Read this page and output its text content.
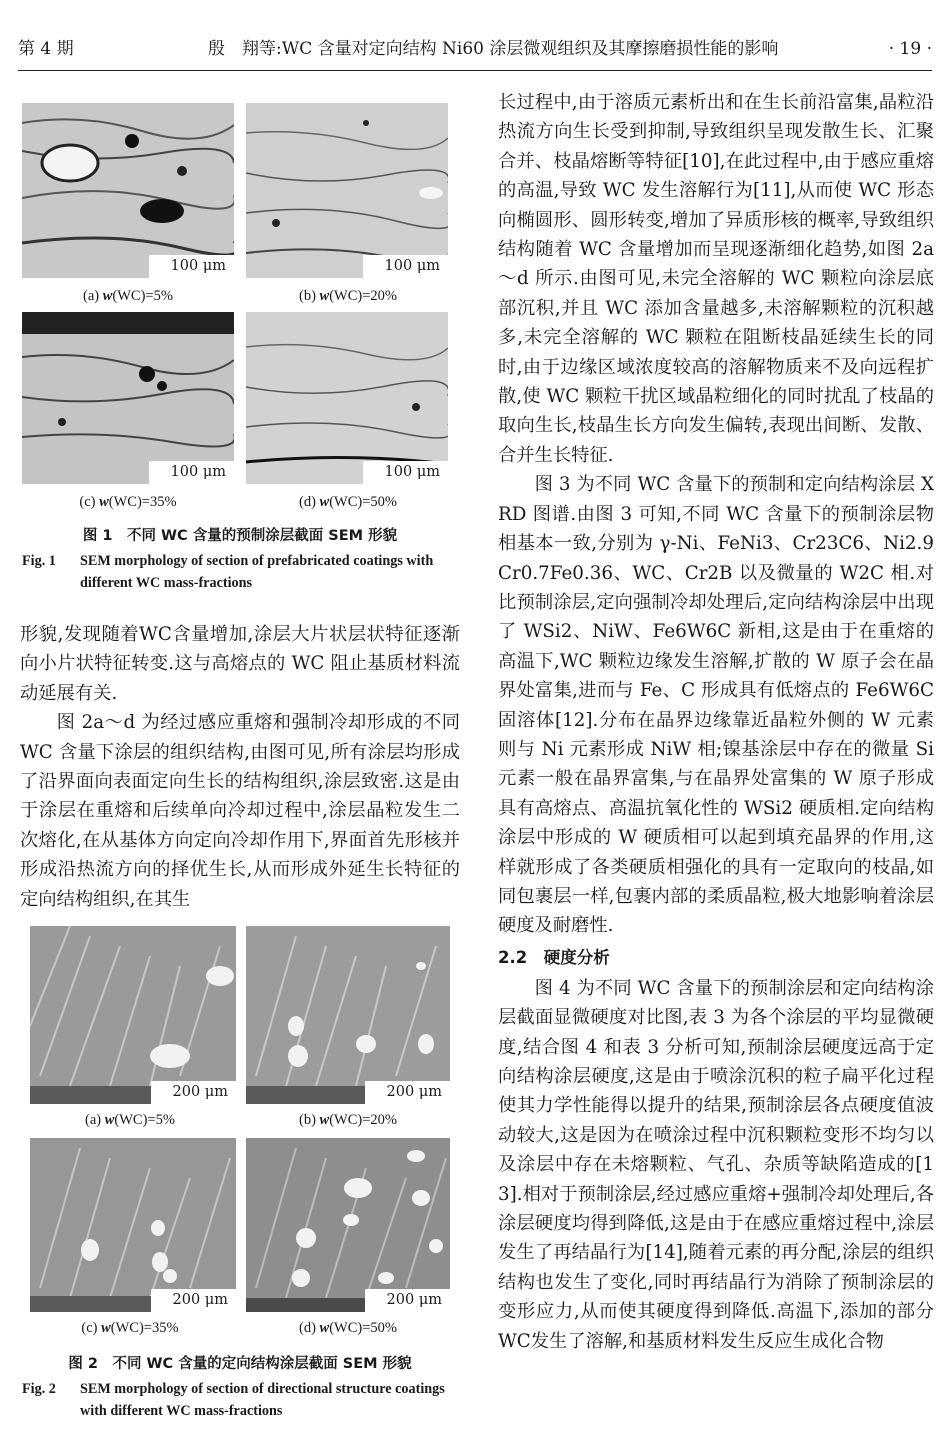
第 4 期	殷　翔等:WC 含量对定向结构 Ni60 涂层微观组织及其摩擦磨损性能的影响	· 19 ·
100 μm	100 μm
(a) w(WC)=5%	(b) w(WC)=20%
100 μm	100 μm
(c) w(WC)=35%	(d) w(WC)=50%
图 1　不同 WC 含量的预制涂层截面 SEM 形貌
Fig. 1 SEM morphology of section of prefabricated coatings with different WC mass-fractions

形貌,发现随着WC含量增加,涂层大片状层状特征逐渐向小片状特征转变.这与高熔点的 WC 阻止基质材料流动延展有关.

图 2a～d 为经过感应重熔和强制冷却形成的不同 WC 含量下涂层的组织结构,由图可见,所有涂层均形成了沿界面向表面定向生长的结构组织,涂层致密.这是由于涂层在重熔和后续单向冷却过程中,涂层晶粒发生二次熔化,在从基体方向定向冷却作用下,界面首先形核并形成沿热流方向的择优生长,从而形成外延生长特征的定向结构组织,在其生

200 μm	200 μm
(a) w(WC)=5%	(b) w(WC)=20%
200 μm	200 μm
(c) w(WC)=35%	(d) w(WC)=50%
图 2　不同 WC 含量的定向结构涂层截面 SEM 形貌
Fig. 2 SEM morphology of section of directional structure coatings with different WC mass-fractions

长过程中,由于溶质元素析出和在生长前沿富集,晶粒沿热流方向生长受到抑制,导致组织呈现发散生长、汇聚合并、枝晶熔断等特征[10],在此过程中,由于感应重熔的高温,导致 WC 发生溶解行为[11],从而使 WC 形态向椭圆形、圆形转变,增加了异质形核的概率,导致组织结构随着 WC 含量增加而呈现逐渐细化趋势,如图 2a～d 所示.由图可见,未完全溶解的 WC 颗粒向涂层底部沉积,并且 WC 添加含量越多,未溶解颗粒的沉积越多,未完全溶解的 WC 颗粒在阻断枝晶延续生长的同时,由于边缘区域浓度较高的溶解物质来不及向远程扩散,使 WC 颗粒干扰区域晶粒细化的同时扰乱了枝晶的取向生长,枝晶生长方向发生偏转,表现出间断、发散、合并生长特征.

图 3 为不同 WC 含量下的预制和定向结构涂层 XRD 图谱.由图 3 可知,不同 WC 含量下的预制涂层物相基本一致,分别为 γ-Ni、FeNi3、Cr23C6、Ni2.9Cr0.7Fe0.36、WC、Cr2B 以及微量的 W2C 相.对比预制涂层,定向强制冷却处理后,定向结构涂层中出现了 WSi2、NiW、Fe6W6C 新相,这是由于在重熔的高温下,WC 颗粒边缘发生溶解,扩散的 W 原子会在晶界处富集,进而与 Fe、C 形成具有低熔点的 Fe6W6C 固溶体[12].分布在晶界边缘靠近晶粒外侧的 W 元素则与 Ni 元素形成 NiW 相;镍基涂层中存在的微量 Si 元素一般在晶界富集,与在晶界处富集的 W 原子形成具有高熔点、高温抗氧化性的 WSi2 硬质相.定向结构涂层中形成的 W 硬质相可以起到填充晶界的作用,这样就形成了各类硬质相强化的具有一定取向的枝晶,如同包裹层一样,包裹内部的柔质晶粒,极大地影响着涂层硬度及耐磨性.

2.2　硬度分析

图 4 为不同 WC 含量下的预制涂层和定向结构涂层截面显微硬度对比图,表 3 为各个涂层的平均显微硬度,结合图 4 和表 3 分析可知,预制涂层硬度远高于定向结构涂层硬度,这是由于喷涂沉积的粒子扁平化过程使其力学性能得以提升的结果,预制涂层各点硬度值波动较大,这是因为在喷涂过程中沉积颗粒变形不均匀以及涂层中存在未熔颗粒、气孔、杂质等缺陷造成的[13].相对于预制涂层,经过感应重熔+强制冷却处理后,各涂层硬度均得到降低,这是由于在感应重熔过程中,涂层发生了再结晶行为[14],随着元素的再分配,涂层的组织结构也发生了变化,同时再结晶行为消除了预制涂层的变形应力,从而使其硬度得到降低.高温下,添加的部分WC发生了溶解,和基质材料发生反应生成化合物
